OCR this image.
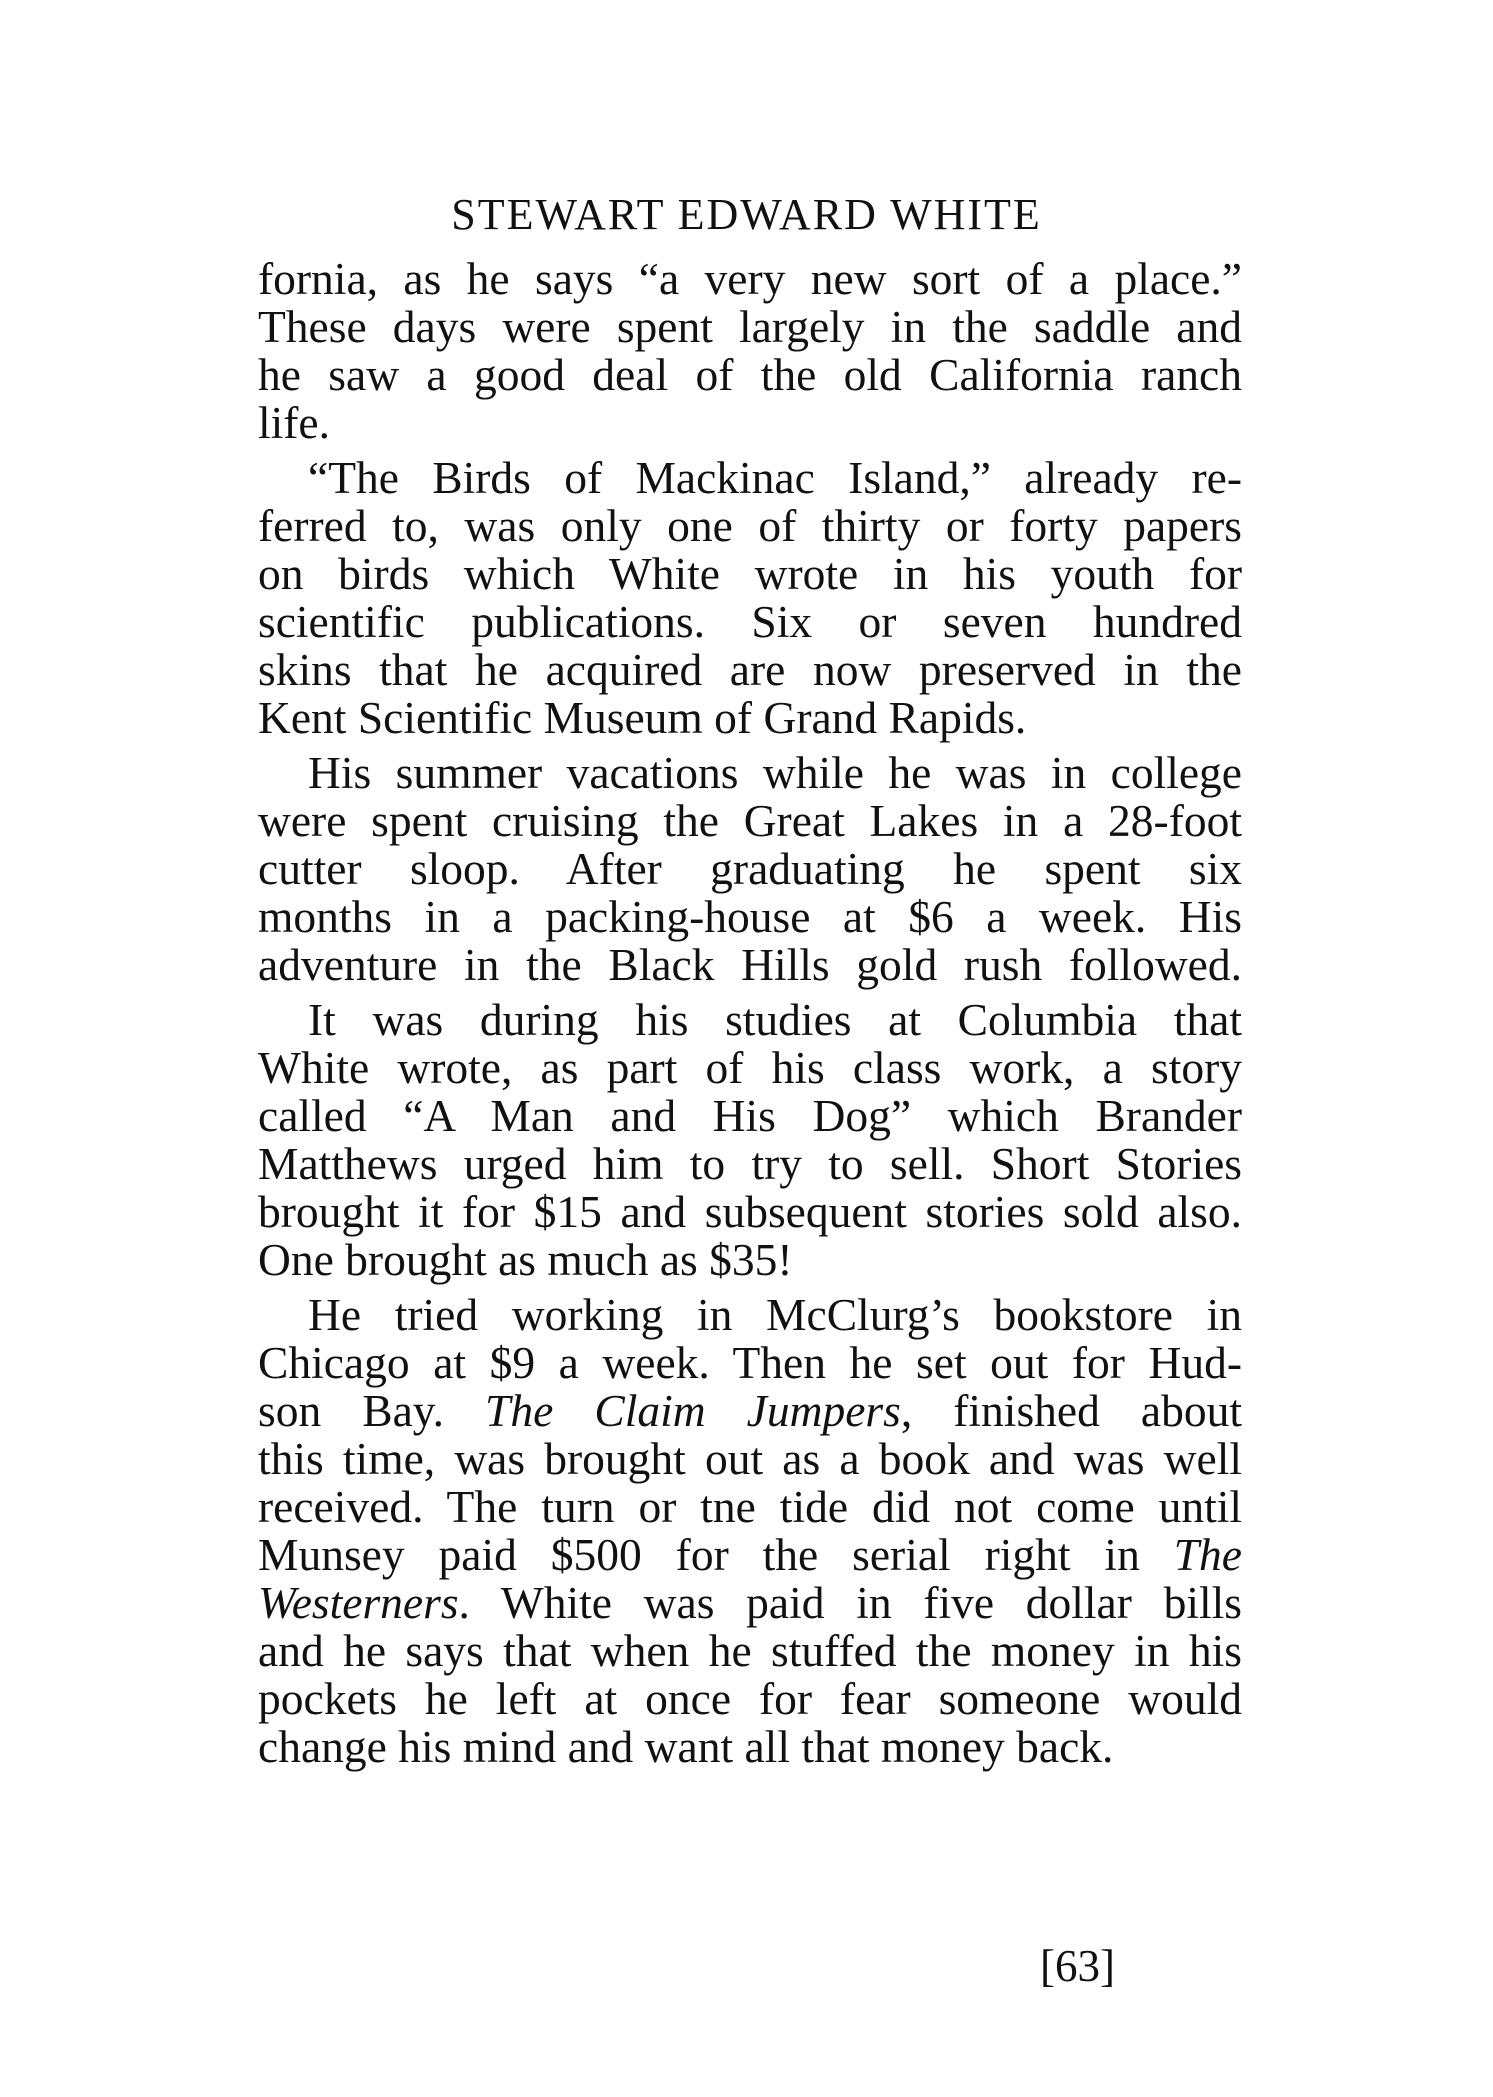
STEWART EDWARD WHITE
fornia, as he says “a very new sort of a place.”
These days were spent largely in the saddle and
he saw a good deal of the old California ranch
life.
“The Birds of Mackinac Island,” already re-
ferred to, was only one of thirty or forty papers
on birds which White wrote in his youth for
scientific publications. Six or seven hundred
skins that he acquired are now preserved in the
Kent Scientific Museum of Grand Rapids.
His summer vacations while he was in college
were spent cruising the Great Lakes in a 28-foot
cutter sloop. After graduating he spent six
months in a packing-house at $6 a week. His
adventure in the Black Hills gold rush followed.
It was during his studies at Columbia that
White wrote, as part of his class work, a story
called “A Man and His Dog” which Brander
Matthews urged him to try to sell. Short Stories
brought it for $15 and subsequent stories sold also.
One brought as much as $35!
He tried working in McClurg’s bookstore in
Chicago at $9 a week. Then he set out for Hud-
son Bay. The Claim Jumpers, finished about
this time, was brought out as a book and was well
received. The turn or tne tide did not come until
Munsey paid $500 for the serial right in The
Westerners. White was paid in five dollar bills
and he says that when he stuffed the money in his
pockets he left at once for fear someone would
change his mind and want all that money back.
[63]
